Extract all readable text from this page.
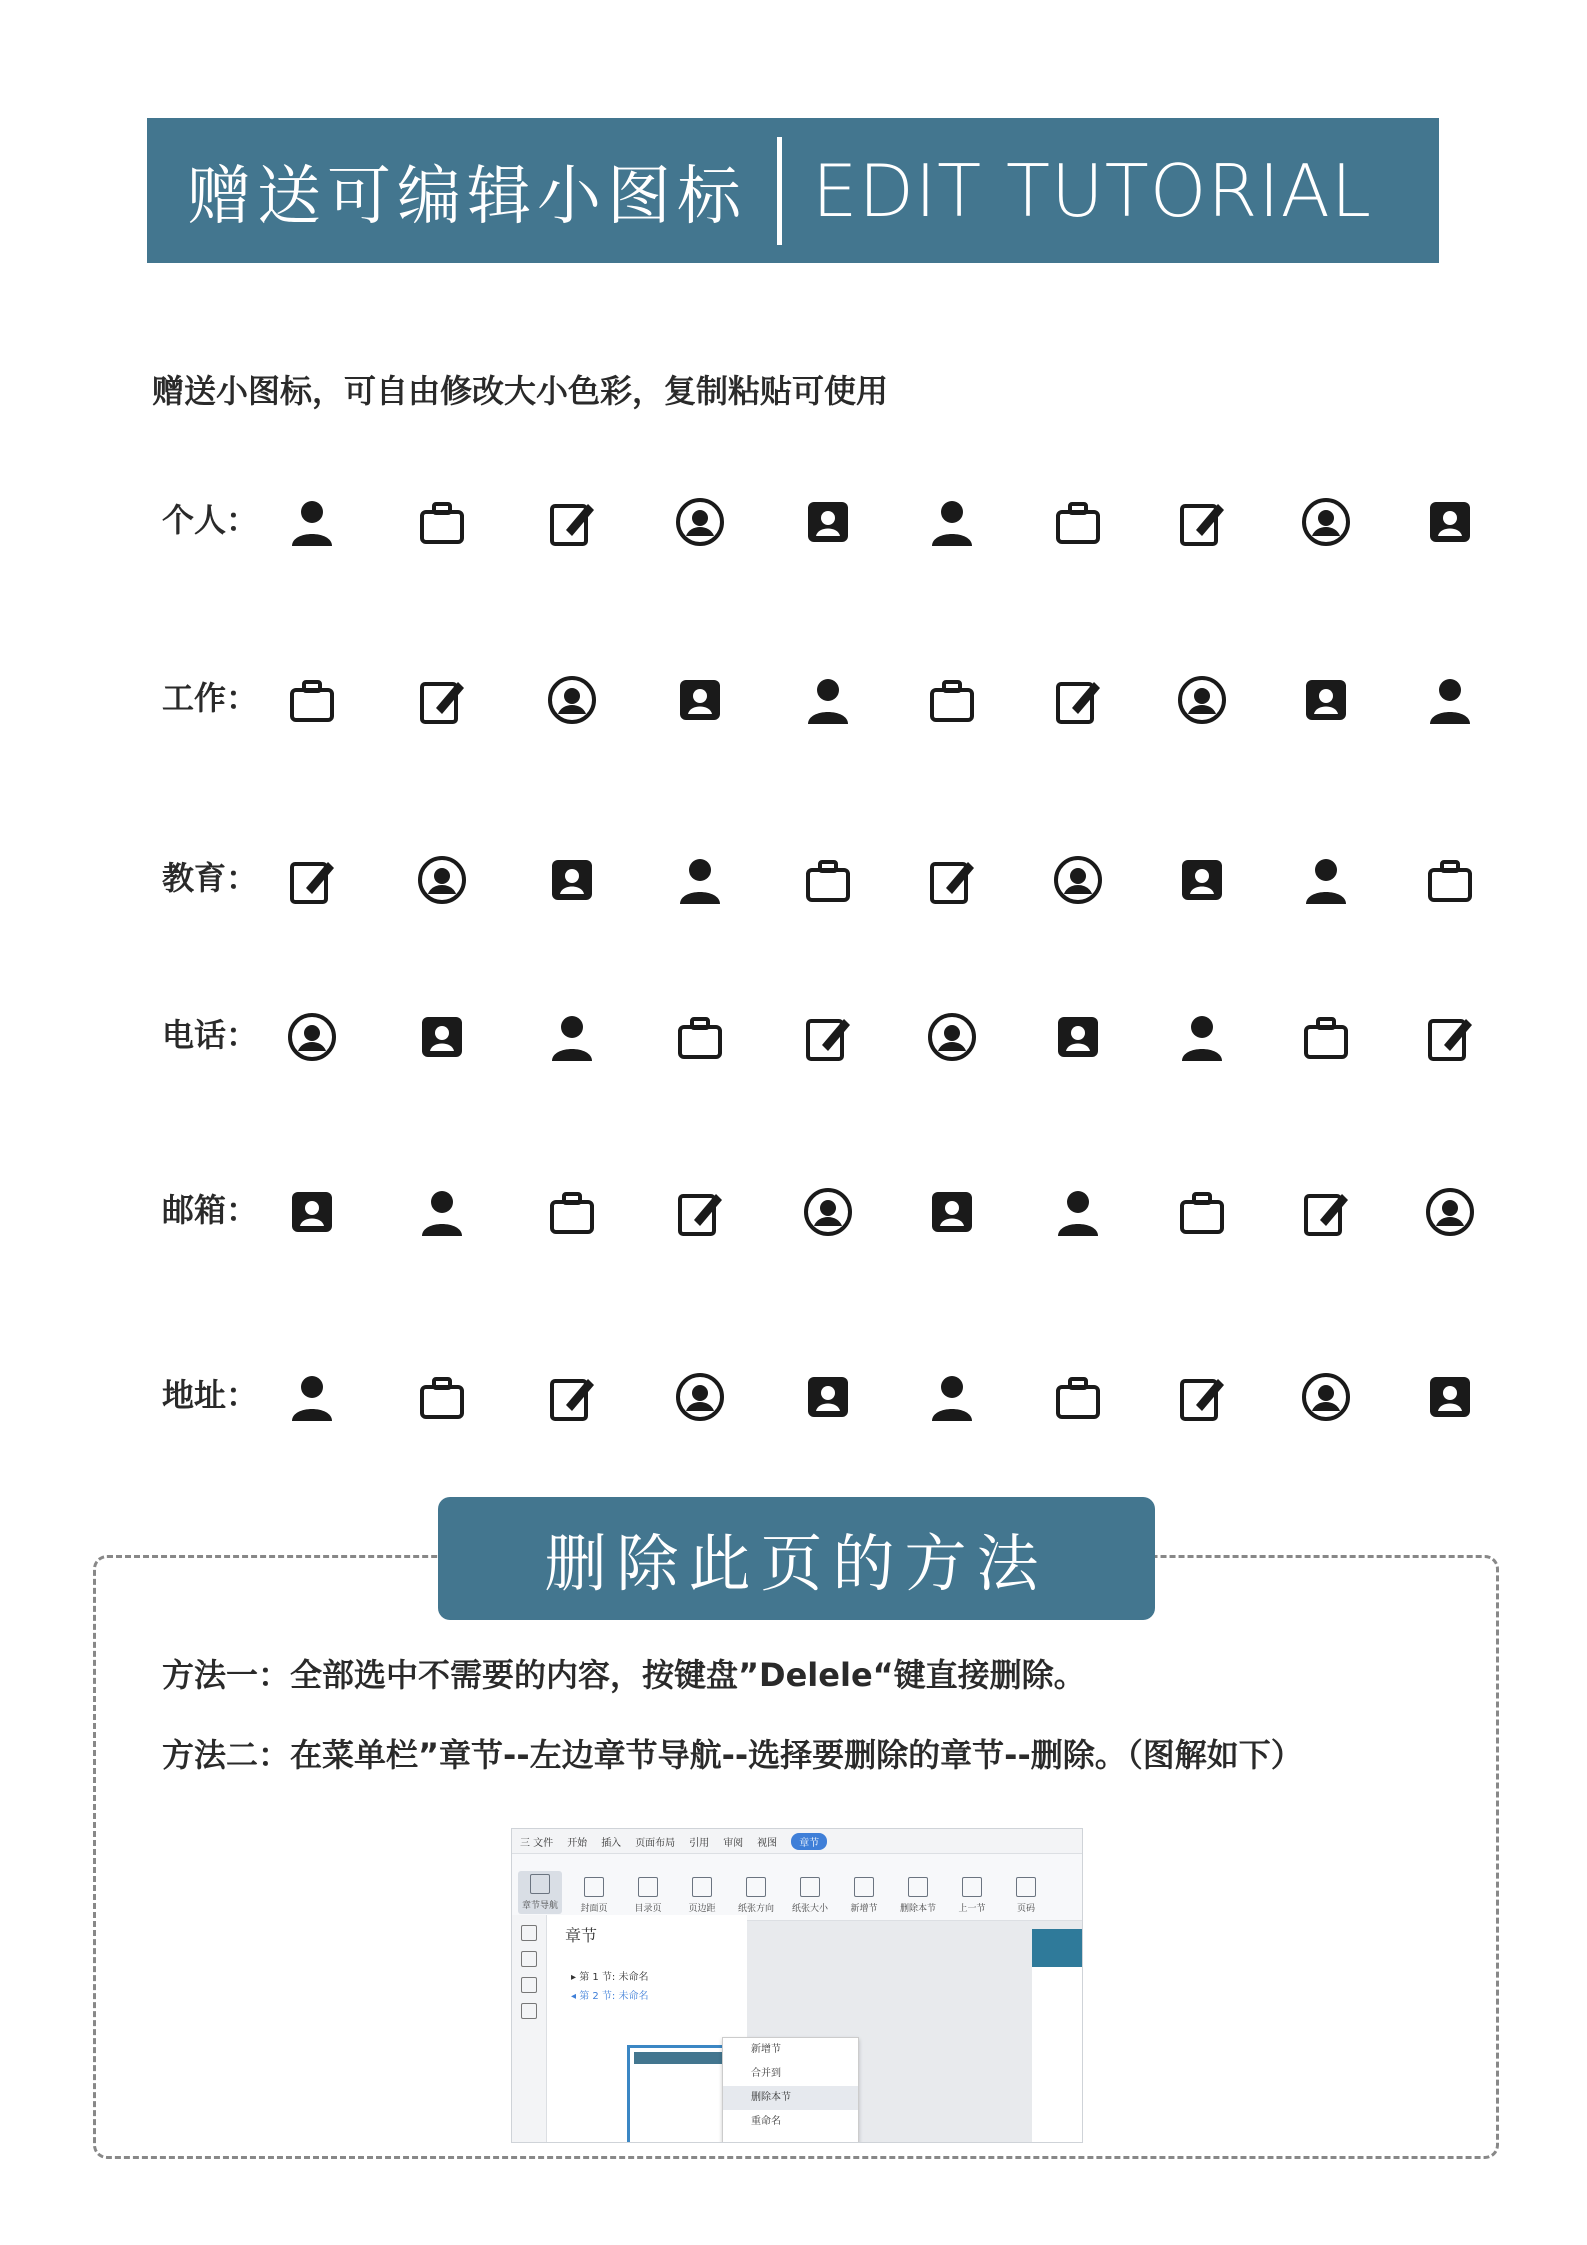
赠送可编辑小图标 EDIT TUTORIAL
赠送小图标，可自由修改大小色彩，复制粘贴可使用
个人：
工作：
教育：
电话：
邮箱：
地址：
删除此页的方法
方法一：全部选中不需要的内容，按键盘”Delele“键直接删除。
方法二：在菜单栏”章节--左边章节导航--选择要删除的章节--删除。（图解如下）
三 文件 开始 插入 页面布局 引用 审阅 视图	章节
章节导航 封面页	目录页	页边距 纸张方向 纸张大小 新增节 删除本节 上一节	页码
章节
▸ 第 1 节: 未命名
◂ 第 2 节: 未命名
新增节
合并到
删除本节
重命名
